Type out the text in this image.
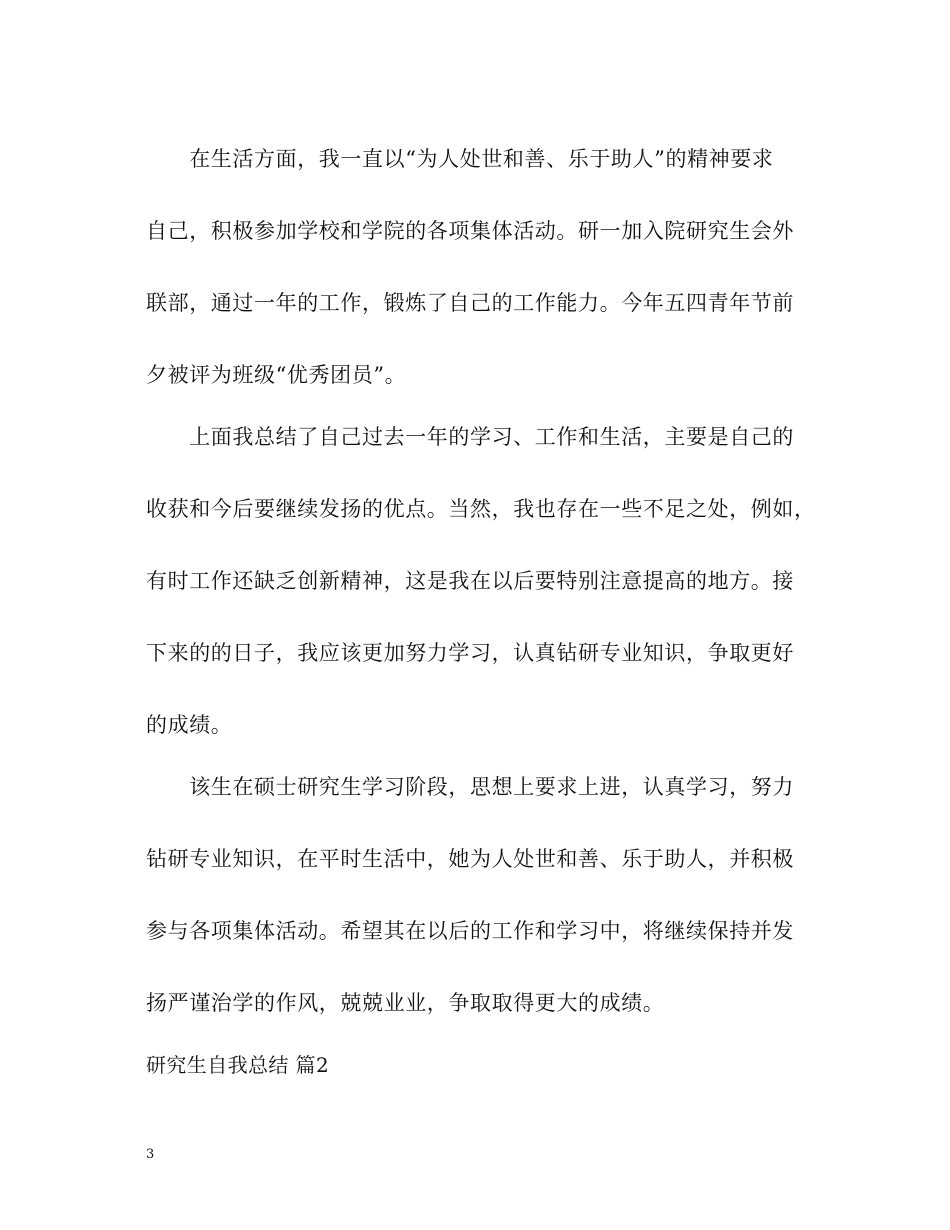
　　在生活方面，我一直以“为人处世和善、乐于助人”的精神要求
自己，积极参加学校和学院的各项集体活动。研一加入院研究生会外
联部，通过一年的工作，锻炼了自己的工作能力。今年五四青年节前
夕被评为班级“优秀团员”。
　　上面我总结了自己过去一年的学习、工作和生活，主要是自己的
收获和今后要继续发扬的优点。当然，我也存在一些不足之处，例如，
有时工作还缺乏创新精神，这是我在以后要特别注意提高的地方。接
下来的的日子，我应该更加努力学习，认真钻研专业知识，争取更好
的成绩。
　　该生在硕士研究生学习阶段，思想上要求上进，认真学习，努力
钻研专业知识，在平时生活中，她为人处世和善、乐于助人，并积极
参与各项集体活动。希望其在以后的工作和学习中，将继续保持并发
扬严谨治学的作风，兢兢业业，争取取得更大的成绩。
研究生自我总结 篇2
3
